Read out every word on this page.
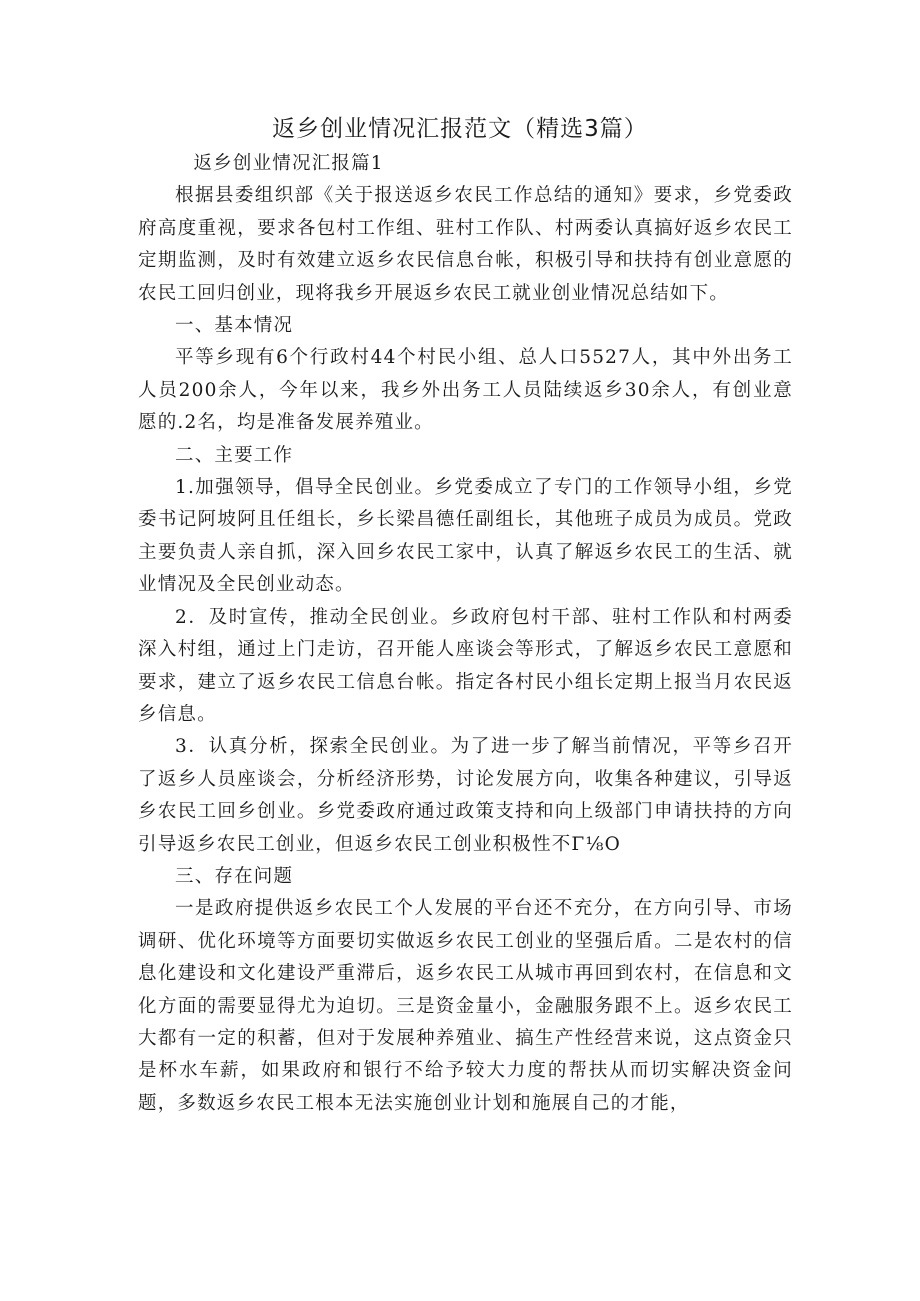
返乡创业情况汇报范文（精选3篇）

返乡创业情况汇报篇1

根据县委组织部《关于报送返乡农民工作总结的通知》要求，乡党委政府高度重视，要求各包村工作组、驻村工作队、村两委认真搞好返乡农民工定期监测，及时有效建立返乡农民信息台帐，积极引导和扶持有创业意愿的农民工回归创业，现将我乡开展返乡农民工就业创业情况总结如下。

一、基本情况

平等乡现有6个行政村44个村民小组、总人口5527人，其中外出务工人员200余人，今年以来，我乡外出务工人员陆续返乡30余人，有创业意愿的.2名，均是准备发展养殖业。

二、主要工作

1.加强领导，倡导全民创业。乡党委成立了专门的工作领导小组，乡党委书记阿坡阿且任组长，乡长梁昌德任副组长，其他班子成员为成员。党政主要负责人亲自抓，深入回乡农民工家中，认真了解返乡农民工的生活、就业情况及全民创业动态。

2．及时宣传，推动全民创业。乡政府包村干部、驻村工作队和村两委深入村组，通过上门走访，召开能人座谈会等形式，了解返乡农民工意愿和要求，建立了返乡农民工信息台帐。指定各村民小组长定期上报当月农民返乡信息。

3．认真分析，探索全民创业。为了进一步了解当前情况，平等乡召开了返乡人员座谈会，分析经济形势，讨论发展方向，收集各种建议，引导返乡农民工回乡创业。乡党委政府通过政策支持和向上级部门申请扶持的方向引导返乡农民工创业，但返乡农民工创业积极性不Γ⅛O

三、存在问题

一是政府提供返乡农民工个人发展的平台还不充分，在方向引导、市场调研、优化环境等方面要切实做返乡农民工创业的坚强后盾。二是农村的信息化建设和文化建设严重滞后，返乡农民工从城市再回到农村，在信息和文化方面的需要显得尤为迫切。三是资金量小，金融服务跟不上。返乡农民工大都有一定的积蓄，但对于发展种养殖业、搞生产性经营来说，这点资金只是杯水车薪，如果政府和银行不给予较大力度的帮扶从而切实解决资金问题，多数返乡农民工根本无法实施创业计划和施展自己的才能，
